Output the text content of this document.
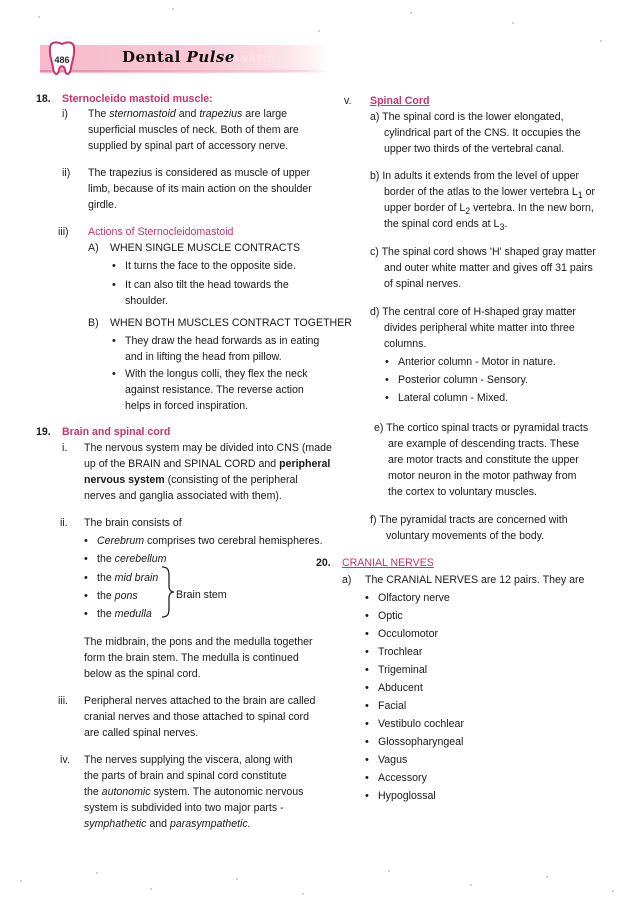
486	Dental Pulse
ANATOMY
18. Sternocleido mastoid muscle:
i) The sternomastoid and trapezius are large
superficial muscles of neck. Both of them are
supplied by spinal part of accessory nerve.
ii) The trapezius is considered as muscle of upper
limb, because of its main action on the shoulder
girdle.
iii) Actions of Sternocleidomastoid
A) WHEN SINGLE MUSCLE CONTRACTS
• It turns the face to the opposite side.
• It can also tilt the head towards the
shoulder.
B) WHEN BOTH MUSCLES CONTRACT TOGETHER
• They draw the head forwards as in eating
and in lifting the head from pillow.
• With the longus colli, they flex the neck
against resistance. The reverse action
helps in forced inspiration.
19. Brain and spinal cord
i. The nervous system may be divided into CNS (made
up of the BRAIN and SPINAL CORD and peripheral
nervous system (consisting of the peripheral
nerves and ganglia associated with them).
ii. The brain consists of
• Cerebrum comprises two cerebral hemispheres.
• the cerebellum
• the mid brain
• the pons
• the medulla
Brain stem
The midbrain, the pons and the medulla together
form the brain stem. The medulla is continued
below as the spinal cord.
iii. Peripheral nerves attached to the brain are called
cranial nerves and those attached to spinal cord
are called spinal nerves.
iv. The nerves supplying the viscera, along with
the parts of brain and spinal cord constitute
the autonomic system. The autonomic nervous
system is subdivided into two major parts -
symphathetic and parasympathetic.
v. Spinal Cord
a) The spinal cord is the lower elongated,
cylindrical part of the CNS. It occupies the
upper two thirds of the vertebral canal.
b) In adults it extends from the level of upper
border of the atlas to the lower vertebra $L_1$ or
upper border of $L_2$ vertebra. In the new born,
the spinal cord ends at $L_3$.
c) The spinal cord shows 'H' shaped gray matter
and outer white matter and gives off 31 pairs
of spinal nerves.
d) The central core of H-shaped gray matter
divides peripheral white matter into three
columns.
• Anterior column - Motor in nature.
• Posterior column - Sensory.
• Lateral column - Mixed.
e) The cortico spinal tracts or pyramidal tracts
are example of descending tracts. These
are motor tracts and constitute the upper
motor neuron in the motor pathway from
the cortex to voluntary muscles.
f) The pyramidal tracts are concerned with
voluntary movements of the body.
20. CRANIAL NERVES
a) The CRANIAL NERVES are 12 pairs. They are
• Olfactory nerve
• Optic
• Occulomotor
• Trochlear
• Trigeminal
• Abducent
• Facial
• Vestibulo cochlear
• Glossopharyngeal
• Vagus
• Accessory
• Hypoglossal
